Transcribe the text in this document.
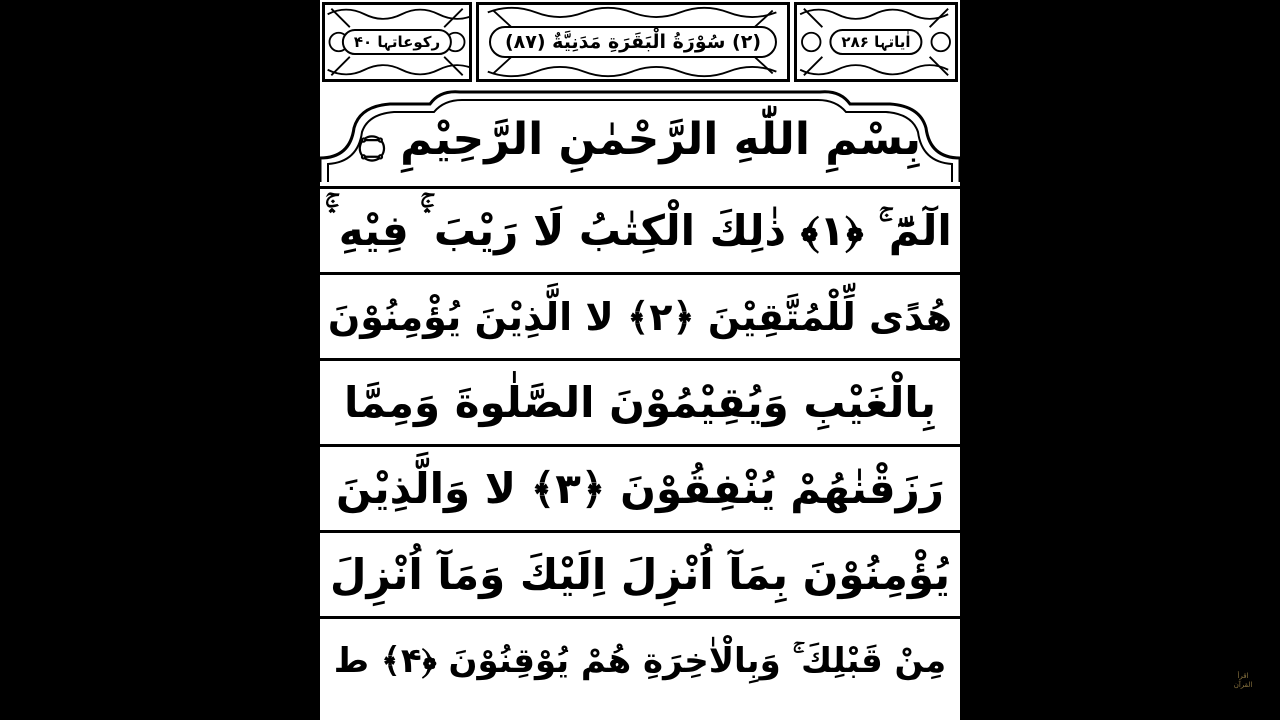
رکوعاتہا ۴۰	(۲) سُوْرَةُ الْبَقَرَةِ مَدَنِيَّةٌ (۸۷)	اٰیاتہا ۲۸۶
بِسْمِ اللّٰهِ الرَّحْمٰنِ الرَّحِيْمِ ۝
الٓمّٓ ۚ ﴿۱﴾ ذٰلِكَ الْكِتٰبُ لَا رَيْبَ ۛۚ فِيْهِ ۛۚ
هُدًى لِّلْمُتَّقِيْنَ ﴿۲﴾ لا الَّذِيْنَ يُؤْمِنُوْنَ
بِالْغَيْبِ وَيُقِيْمُوْنَ الصَّلٰوةَ وَمِمَّا
رَزَقْنٰهُمْ يُنْفِقُوْنَ ﴿۳﴾ لا وَالَّذِيْنَ
يُؤْمِنُوْنَ بِمَآ اُنْزِلَ اِلَيْكَ وَمَآ اُنْزِلَ
مِنْ قَبْلِكَ ۚ وَبِالْاٰخِرَةِ هُمْ يُوْقِنُوْنَ ﴿۴﴾ ط	اقرأ القرآن
